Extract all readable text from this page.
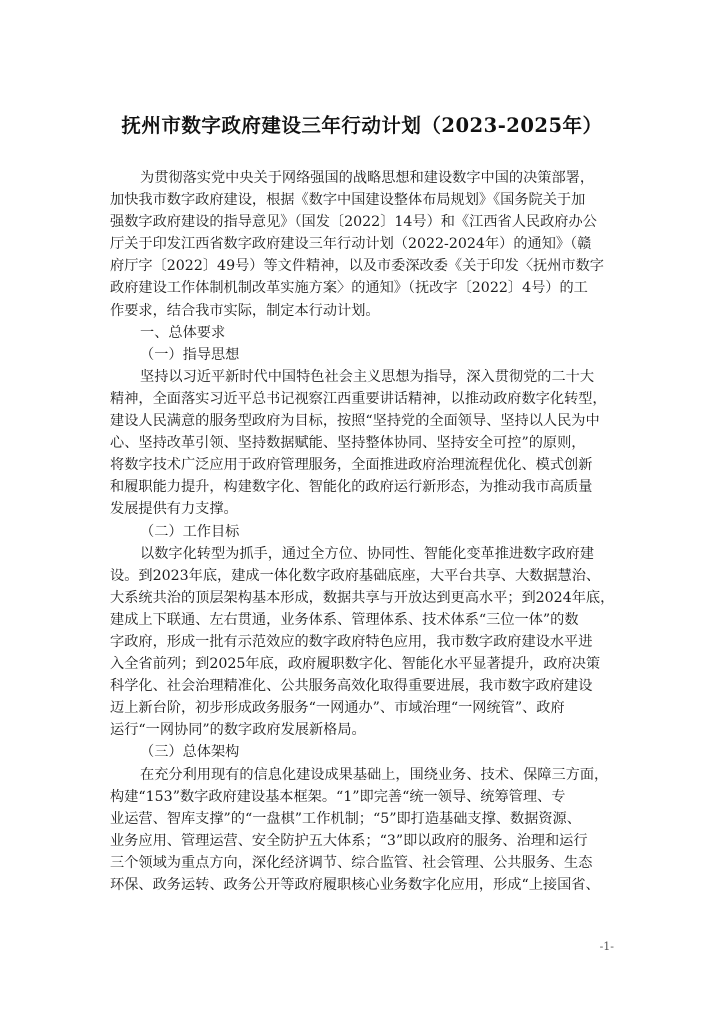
抚州市数字政府建设三年行动计划（2023-2025年）
为贯彻落实党中央关于网络强国的战略思想和建设数字中国的决策部署，
加快我市数字政府建设，根据《数字中国建设整体布局规划》《国务院关于加
强数字政府建设的指导意见》（国发〔2022〕14号）和《江西省人民政府办公
厅关于印发江西省数字政府建设三年行动计划（2022-2024年）的通知》（赣
府厅字〔2022〕49号）等文件精神，以及市委深改委《关于印发〈抚州市数字
政府建设工作体制机制改革实施方案〉的通知》（抚改字〔2022〕4号）的工
作要求，结合我市实际，制定本行动计划。
一、总体要求
（一）指导思想
坚持以习近平新时代中国特色社会主义思想为指导，深入贯彻党的二十大
精神，全面落实习近平总书记视察江西重要讲话精神，以推动政府数字化转型，
建设人民满意的服务型政府为目标，按照“坚持党的全面领导、坚持以人民为中
心、坚持改革引领、坚持数据赋能、坚持整体协同、坚持安全可控”的原则，
将数字技术广泛应用于政府管理服务，全面推进政府治理流程优化、模式创新
和履职能力提升，构建数字化、智能化的政府运行新形态，为推动我市高质量
发展提供有力支撑。
（二）工作目标
以数字化转型为抓手，通过全方位、协同性、智能化变革推进数字政府建
设。到2023年底，建成一体化数字政府基础底座，大平台共享、大数据慧治、
大系统共治的顶层架构基本形成，数据共享与开放达到更高水平；到2024年底，
建成上下联通、左右贯通，业务体系、管理体系、技术体系“三位一体”的数
字政府，形成一批有示范效应的数字政府特色应用，我市数字政府建设水平进
入全省前列；到2025年底，政府履职数字化、智能化水平显著提升，政府决策
科学化、社会治理精准化、公共服务高效化取得重要进展，我市数字政府建设
迈上新台阶，初步形成政务服务“一网通办”、市域治理“一网统管”、政府
运行“一网协同”的数字政府发展新格局。
（三）总体架构
在充分利用现有的信息化建设成果基础上，围绕业务、技术、保障三方面，
构建“153”数字政府建设基本框架。“1”即完善“统一领导、统筹管理、专
业运营、智库支撑”的“一盘棋”工作机制；“5”即打造基础支撑、数据资源、
业务应用、管理运营、安全防护五大体系；“3”即以政府的服务、治理和运行
三个领域为重点方向，深化经济调节、综合监管、社会管理、公共服务、生态
环保、政务运转、政务公开等政府履职核心业务数字化应用，形成“上接国省、
-1-
